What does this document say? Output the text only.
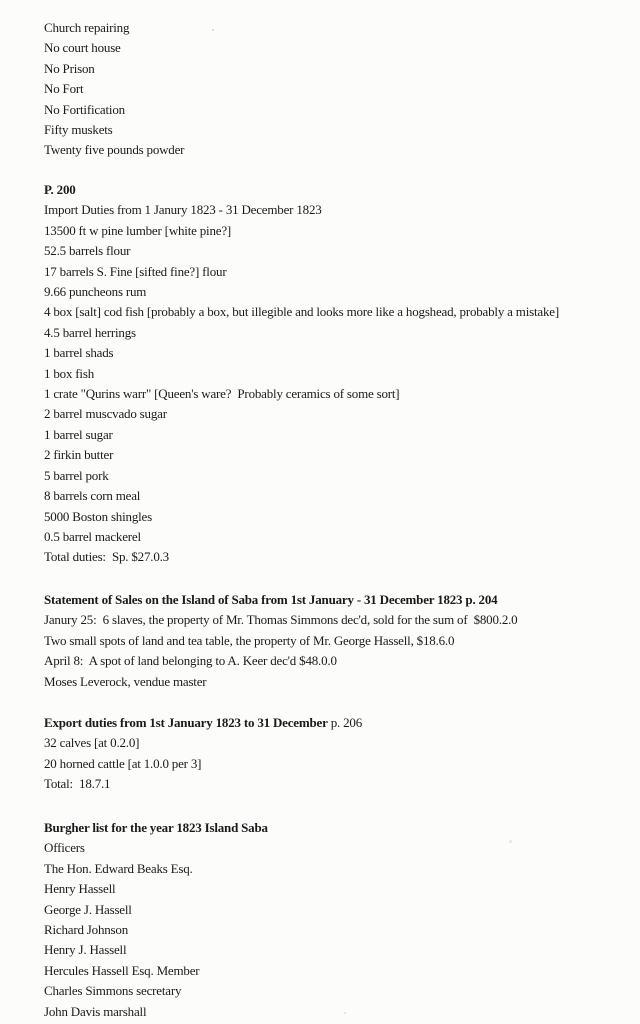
Church repairing
No court house
No Prison
No Fort
No Fortification
Fifty muskets
Twenty five pounds powder
P. 200
Import Duties from 1 Janury 1823 - 31 December 1823
13500 ft w pine lumber [white pine?]
52.5 barrels flour
17 barrels S. Fine [sifted fine?] flour
9.66 puncheons rum
4 box [salt] cod fish [probably a box, but illegible and looks more like a hogshead, probably a mistake]
4.5 barrel herrings
1 barrel shads
1 box fish
1 crate "Qurins warr" [Queen's ware?  Probably ceramics of some sort]
2 barrel muscvado sugar
1 barrel sugar
2 firkin butter
5 barrel pork
8 barrels corn meal
5000 Boston shingles
0.5 barrel mackerel
Total duties:  Sp. $27.0.3
Statement of Sales on the Island of Saba from 1st January - 31 December 1823 p. 204
Janury 25:  6 slaves, the property of Mr. Thomas Simmons dec'd, sold for the sum of  $800.2.0
Two small spots of land and tea table, the property of Mr. George Hassell, $18.6.0
April 8:  A spot of land belonging to A. Keer dec'd $48.0.0
Moses Leverock, vendue master
Export duties from 1st January 1823 to 31 December p. 206
32 calves [at 0.2.0]
20 horned cattle [at 1.0.0 per 3]
Total:  18.7.1
Burgher list for the year 1823 Island Saba
Officers
The Hon. Edward Beaks Esq.
Henry Hassell
George J. Hassell
Richard Johnson
Henry J. Hassell
Hercules Hassell Esq. Member
Charles Simmons secretary
John Davis marshall
